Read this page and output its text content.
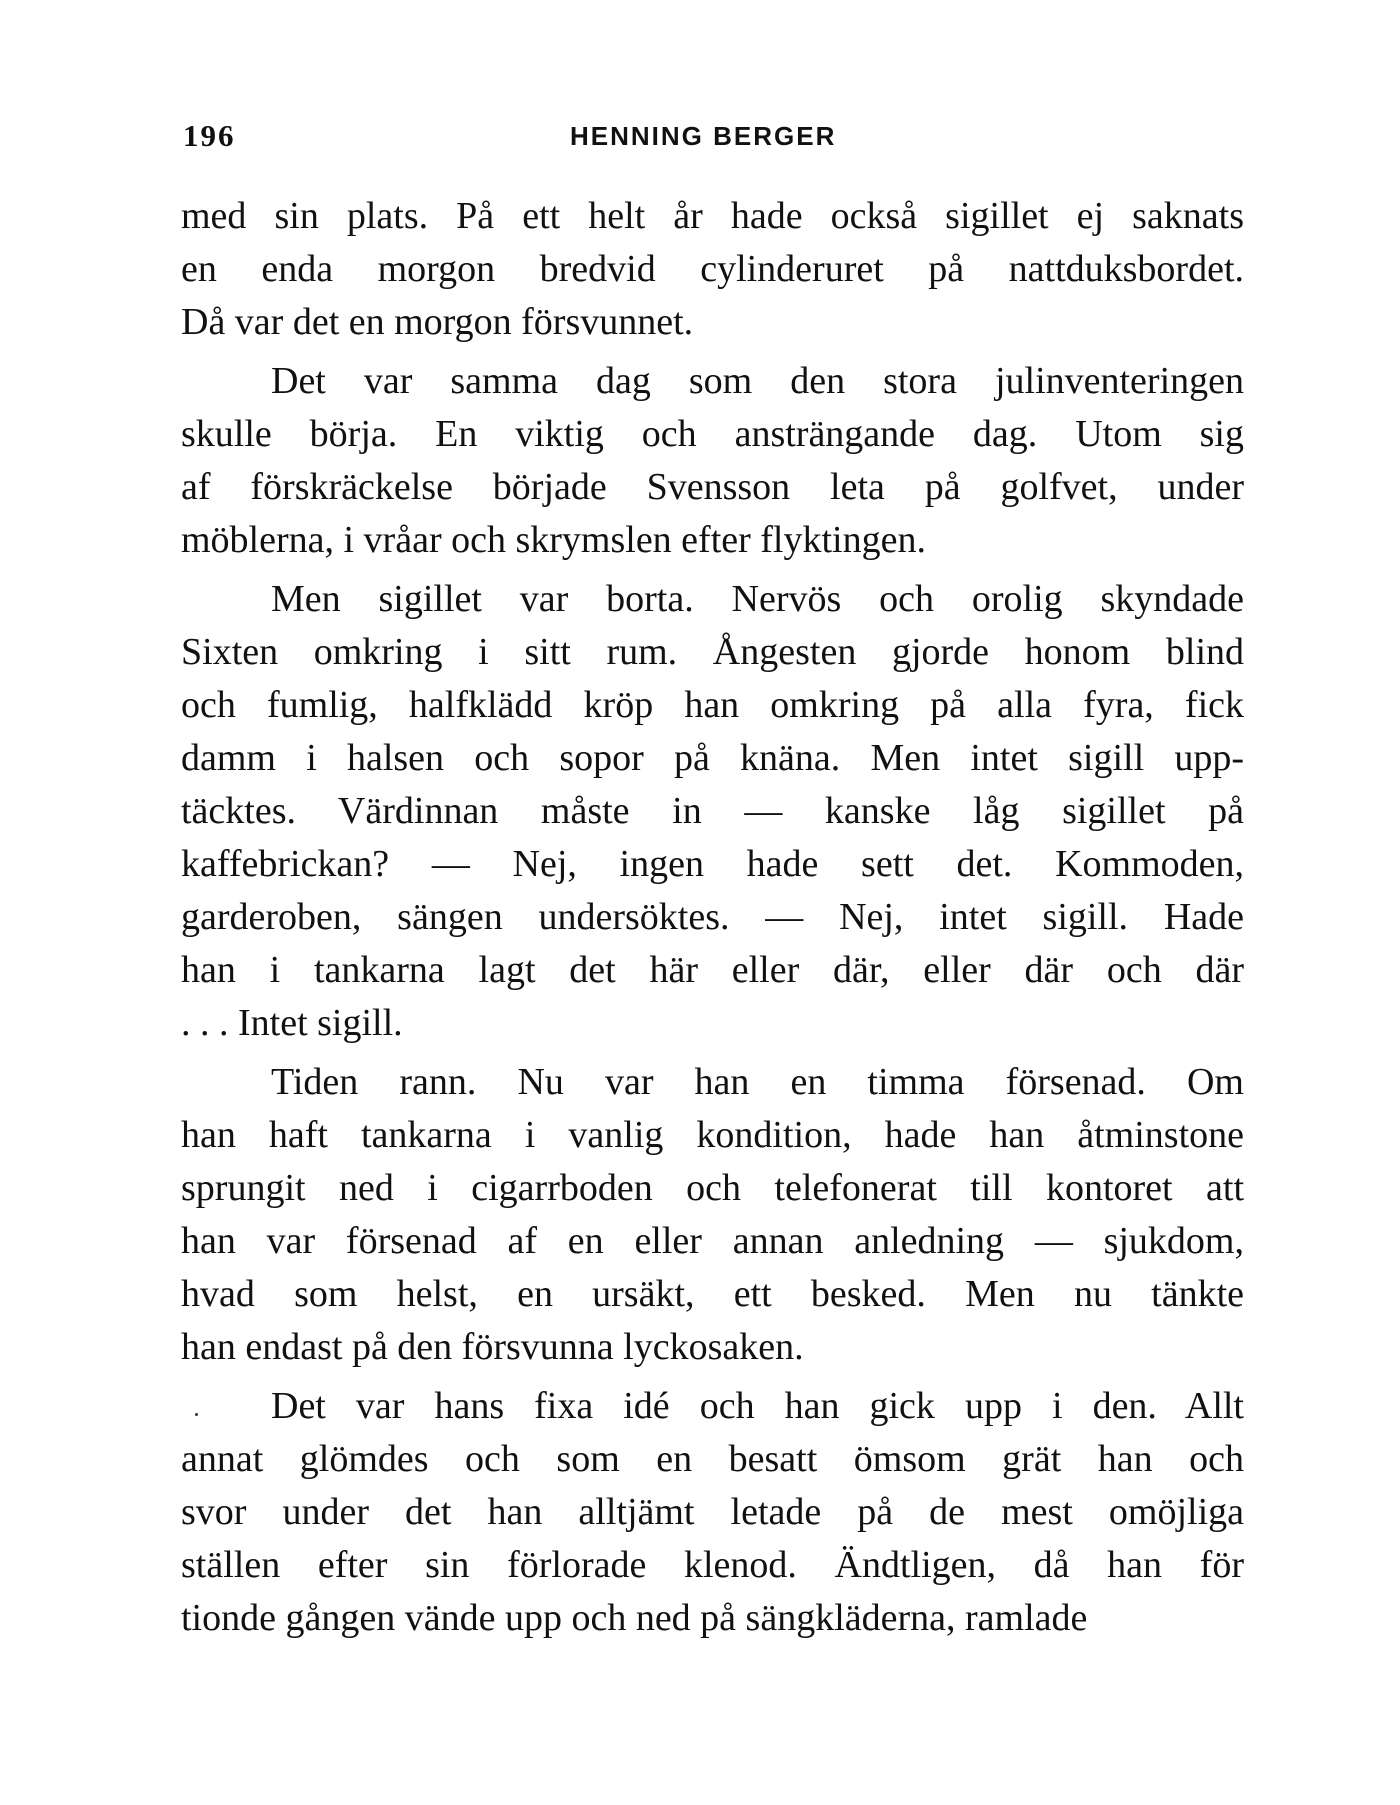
196	HENNING BERGER
med sin plats. På ett helt år hade också sigillet ej saknats
en enda morgon bredvid cylinderuret på nattduksbordet.
Då var det en morgon försvunnet.
Det var samma dag som den stora julinventeringen
skulle börja. En viktig och ansträngande dag. Utom sig
af förskräckelse började Svensson leta på golfvet, under
möblerna, i vråar och skrymslen efter flyktingen.
Men sigillet var borta. Nervös och orolig skyndade
Sixten omkring i sitt rum. Ångesten gjorde honom blind
och fumlig, halfklädd kröp han omkring på alla fyra, fick
damm i halsen och sopor på knäna. Men intet sigill upp-
täcktes. Värdinnan måste in — kanske låg sigillet på
kaffebrickan? — Nej, ingen hade sett det. Kommoden,
garderoben, sängen undersöktes. — Nej, intet sigill. Hade
han i tankarna lagt det här eller där, eller där och där
. . . Intet sigill.
Tiden rann. Nu var han en timma försenad. Om
han haft tankarna i vanlig kondition, hade han åtminstone
sprungit ned i cigarrboden och telefonerat till kontoret att
han var försenad af en eller annan anledning — sjukdom,
hvad som helst, en ursäkt, ett besked. Men nu tänkte
han endast på den försvunna lyckosaken.
Det var hans fixa idé och han gick upp i den. Allt
annat glömdes och som en besatt ömsom grät han och
svor under det han alltjämt letade på de mest omöjliga
ställen efter sin förlorade klenod. Ändtligen, då han för
tionde gången vände upp och ned på sängkläderna, ramlade
